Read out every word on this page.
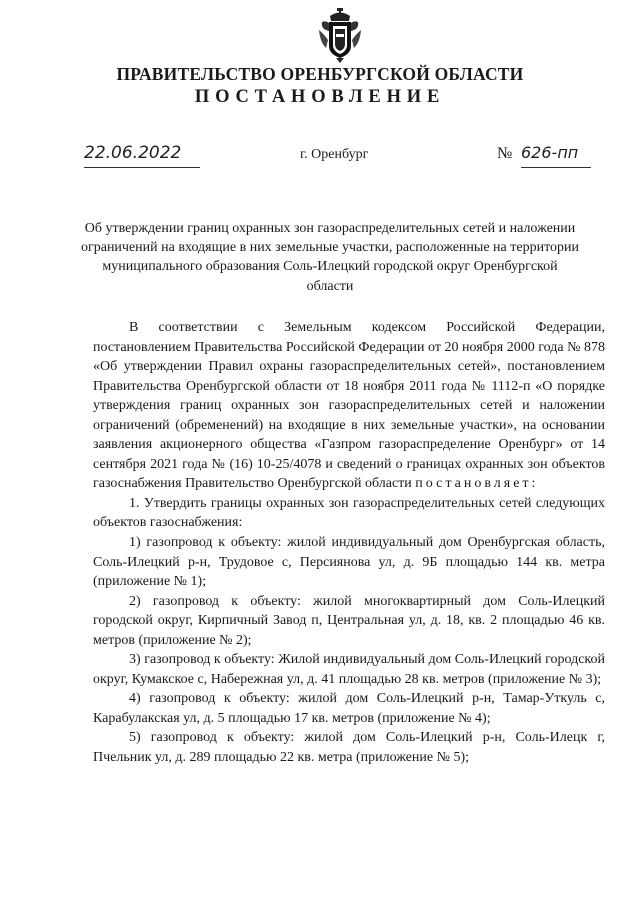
ПРАВИТЕЛЬСТВО ОРЕНБУРГСКОЙ ОБЛАСТИ
ПОСТАНОВЛЕНИЕ
22.06.2022	г. Оренбург	№ 626-пп
Об утверждении границ охранных зон газораспределительных сетей и наложении ограничений на входящие в них земельные участки, расположенные на территории муниципального образования Соль-Илецкий городской округ Оренбургской области

В соответствии с Земельным кодексом Российской Федерации, постановлением Правительства Российской Федерации от 20 ноября 2000 года № 878 «Об утверждении Правил охраны газораспределительных сетей», постановлением Правительства Оренбургской области от 18 ноября 2011 года № 1112-п «О порядке утверждения границ охранных зон газораспределительных сетей и наложении ограничений (обременений) на входящие в них земельные участки», на основании заявления акционерного общества «Газпром газораспределение Оренбург» от 14 сентября 2021 года № (16) 10-25/4078 и сведений о границах охранных зон объектов газоснабжения Правительство Оренбургской области постановляет:

1. Утвердить границы охранных зон газораспределительных сетей следующих объектов газоснабжения:

1) газопровод к объекту: жилой индивидуальный дом Оренбургская область, Соль-Илецкий р-н, Трудовое с, Персиянова ул, д. 9Б площадью 144 кв. метра (приложение № 1);

2) газопровод к объекту: жилой многоквартирный дом Соль-Илецкий городской округ, Кирпичный Завод п, Центральная ул, д. 18, кв. 2 площадью 46 кв. метров (приложение № 2);

3) газопровод к объекту: Жилой индивидуальный дом Соль-Илецкий городской округ, Кумакское с, Набережная ул, д. 41 площадью 28 кв. метров (приложение № 3);

4) газопровод к объекту: жилой дом Соль-Илецкий р-н, Тамар-Уткуль с, Карабулакская ул, д. 5 площадью 17 кв. метров (приложение № 4);

5) газопровод к объекту: жилой дом Соль-Илецкий р-н, Соль-Илецк г, Пчельник ул, д. 289 площадью 22 кв. метра (приложение № 5);
